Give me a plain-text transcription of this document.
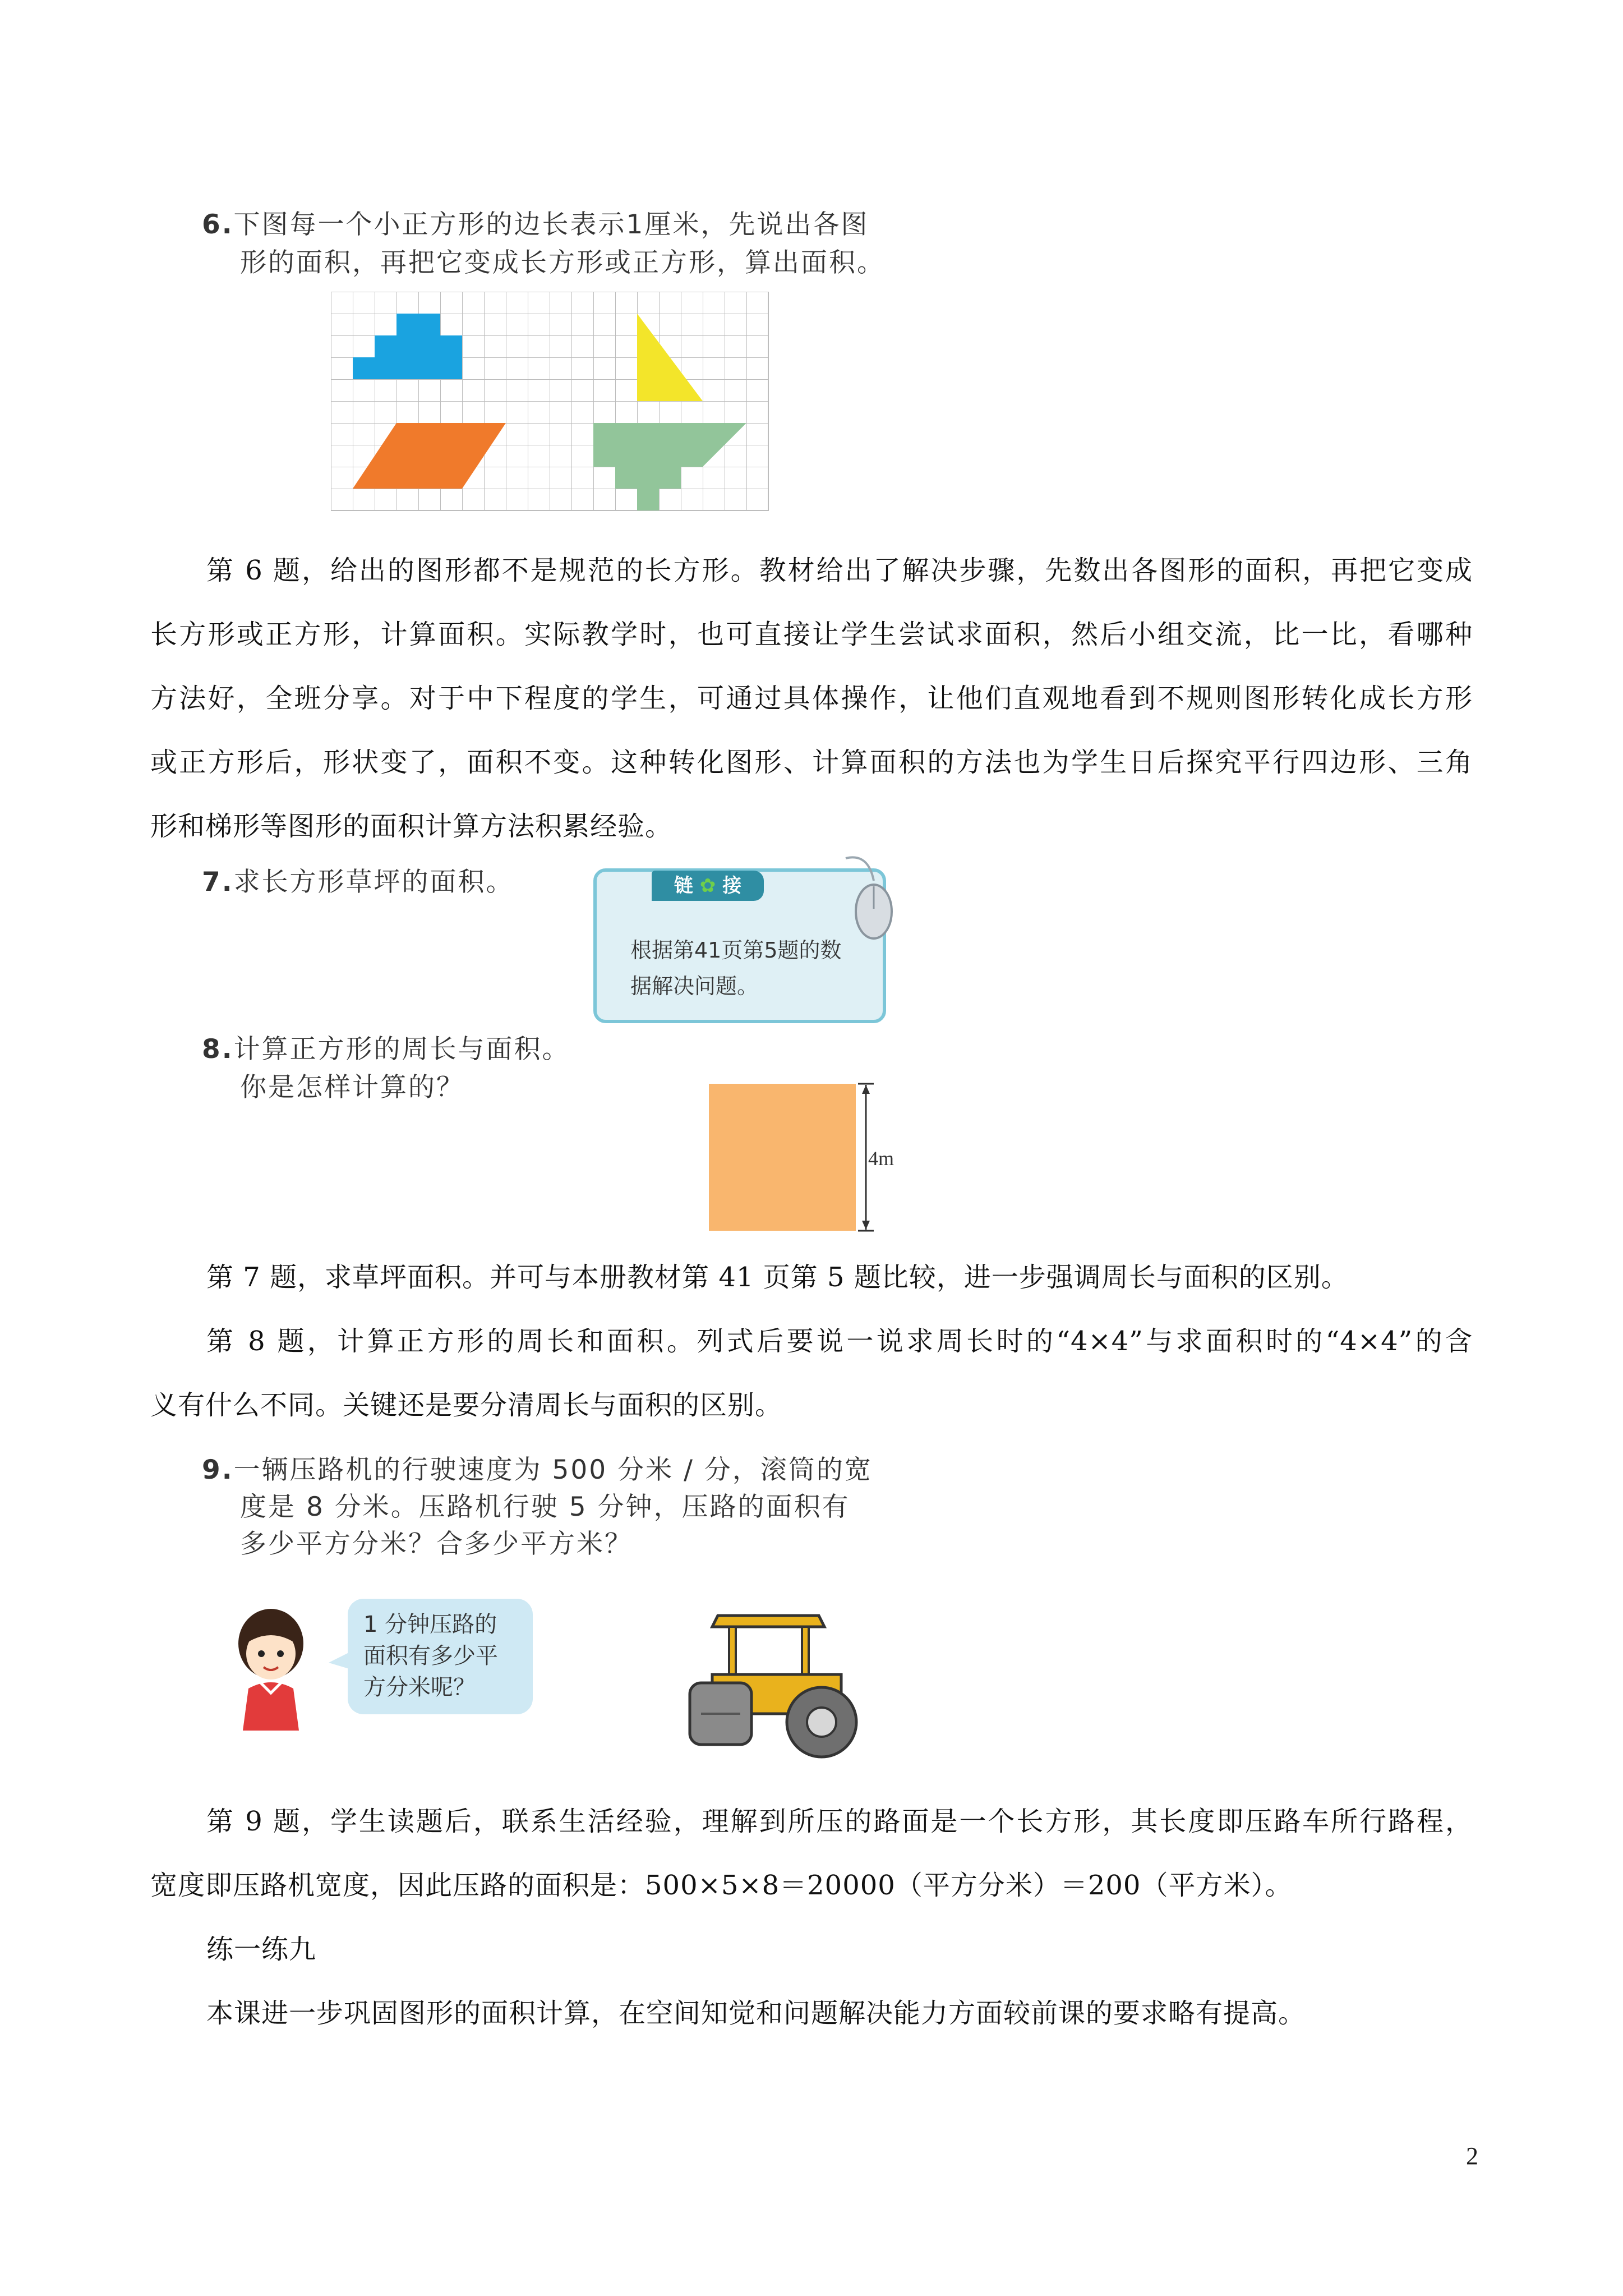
6.下图每一个小正方形的边长表示1厘米，先说出各图
形的面积，再把它变成长方形或正方形，算出面积。
第 6 题，给出的图形都不是规范的长方形。教材给出了解决步骤，先数出各图形的面积，再把它变成
长方形或正方形，计算面积。实际教学时，也可直接让学生尝试求面积，然后小组交流，比一比，看哪种
方法好，全班分享。对于中下程度的学生，可通过具体操作，让他们直观地看到不规则图形转化成长方形
或正方形后，形状变了，面积不变。这种转化图形、计算面积的方法也为学生日后探究平行四边形、三角
形和梯形等图形的面积计算方法积累经验。
7.求长方形草坪的面积。	链 ✿ 接
根据第41页第5题的数
据解决问题。
8.计算正方形的周长与面积。
你是怎样计算的？
4m
第 7 题，求草坪面积。并可与本册教材第 41 页第 5 题比较，进一步强调周长与面积的区别。
第 8 题，计算正方形的周长和面积。列式后要说一说求周长时的“4×4”与求面积时的“4×4”的含
义有什么不同。关键还是要分清周长与面积的区别。
9.一辆压路机的行驶速度为 500 分米 / 分，滚筒的宽
度是 8 分米。压路机行驶 5 分钟，压路的面积有
多少平方分米？合多少平方米？
1 分钟压路的
面积有多少平
方分米呢？
第 9 题，学生读题后，联系生活经验，理解到所压的路面是一个长方形，其长度即压路车所行路程，
宽度即压路机宽度，因此压路的面积是：500×5×8＝20000（平方分米）＝200（平方米）。
练一练九
本课进一步巩固图形的面积计算，在空间知觉和问题解决能力方面较前课的要求略有提高。
2
